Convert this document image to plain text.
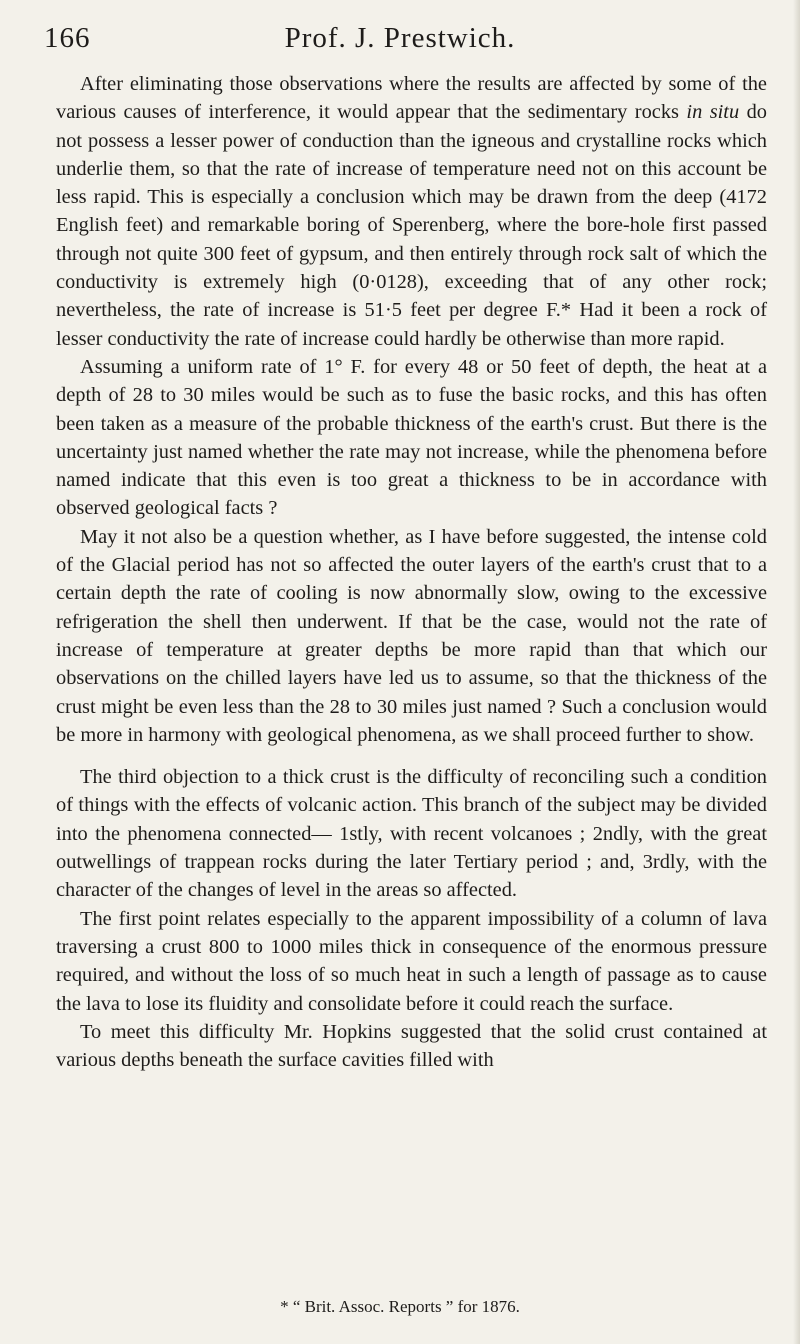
166	Prof. J. Prestwich.

After eliminating those observations where the results are affected by some of the various causes of interference, it would appear that the sedimentary rocks in situ do not possess a lesser power of conduction than the igneous and crystalline rocks which underlie them, so that the rate of increase of temperature need not on this account be less rapid. This is especially a conclusion which may be drawn from the deep (4172 English feet) and remarkable boring of Sperenberg, where the bore-hole first passed through not quite 300 feet of gypsum, and then entirely through rock salt of which the conductivity is extremely high (0·0128), exceeding that of any other rock; nevertheless, the rate of increase is 51·5 feet per degree F.* Had it been a rock of lesser conductivity the rate of increase could hardly be otherwise than more rapid.

Assuming a uniform rate of 1° F. for every 48 or 50 feet of depth, the heat at a depth of 28 to 30 miles would be such as to fuse the basic rocks, and this has often been taken as a measure of the probable thickness of the earth's crust. But there is the uncertainty just named whether the rate may not increase, while the phenomena before named indicate that this even is too great a thickness to be in accordance with observed geological facts ?

May it not also be a question whether, as I have before suggested, the intense cold of the Glacial period has not so affected the outer layers of the earth's crust that to a certain depth the rate of cooling is now abnormally slow, owing to the excessive refrigeration the shell then underwent. If that be the case, would not the rate of increase of temperature at greater depths be more rapid than that which our observations on the chilled layers have led us to assume, so that the thickness of the crust might be even less than the 28 to 30 miles just named ? Such a conclusion would be more in harmony with geological phenomena, as we shall proceed further to show.

The third objection to a thick crust is the difficulty of reconciling such a condition of things with the effects of volcanic action. This branch of the subject may be divided into the phenomena connected— 1stly, with recent volcanoes ; 2ndly, with the great outwellings of trappean rocks during the later Tertiary period ; and, 3rdly, with the character of the changes of level in the areas so affected.

The first point relates especially to the apparent impossibility of a column of lava traversing a crust 800 to 1000 miles thick in consequence of the enormous pressure required, and without the loss of so much heat in such a length of passage as to cause the lava to lose its fluidity and consolidate before it could reach the surface.

To meet this difficulty Mr. Hopkins suggested that the solid crust contained at various depths beneath the surface cavities filled with

* “ Brit. Assoc. Reports ” for 1876.
